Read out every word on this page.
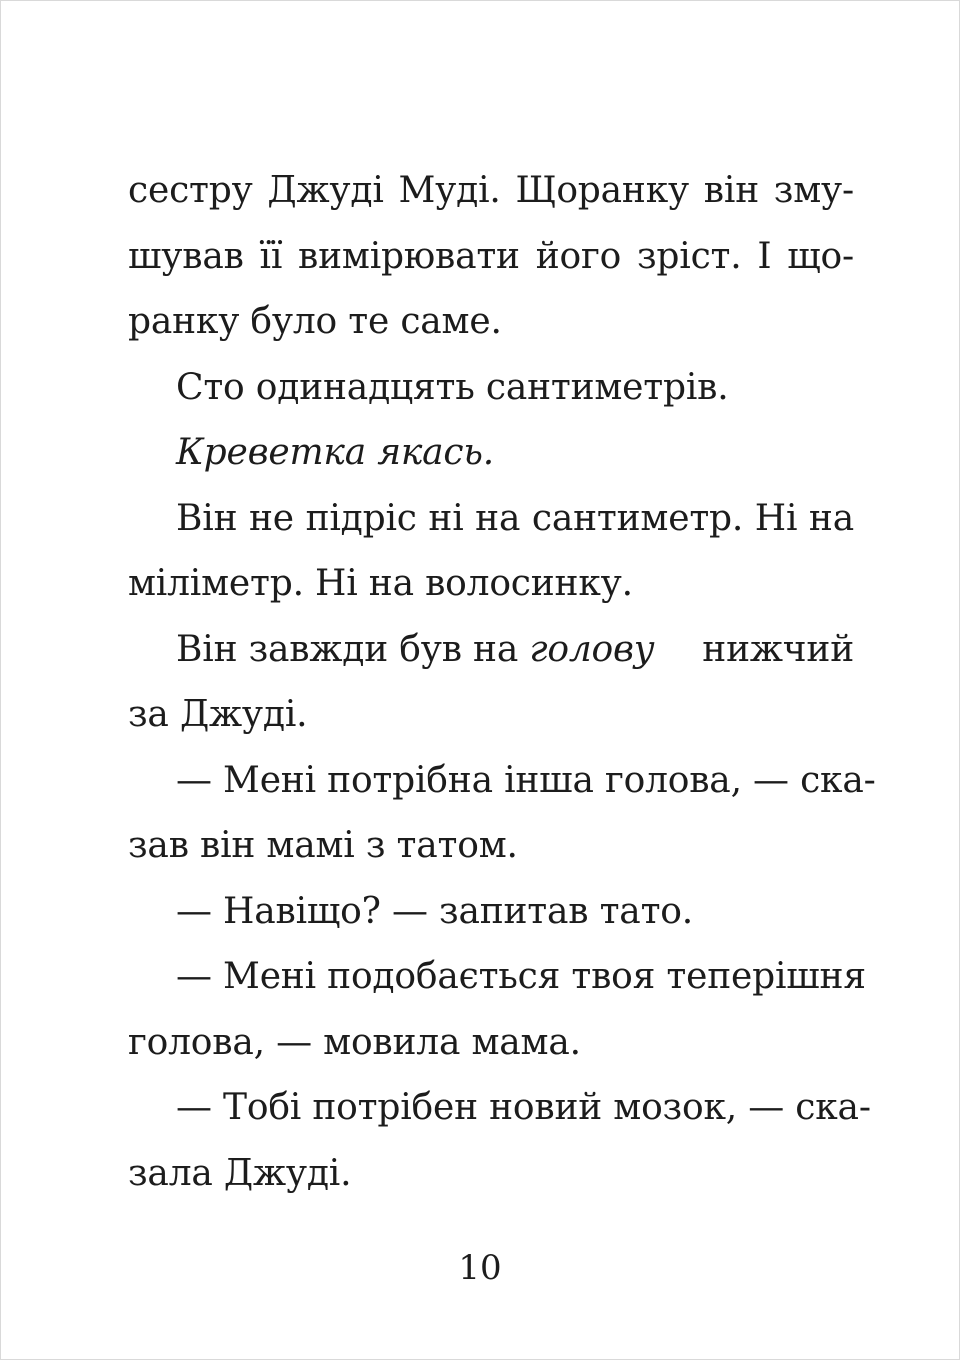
сестру Джуді Муді. Щоранку він зму-
шував її вимірювати його зріст. І що-
ранку було те саме.
Сто одинадцять сантиметрів.
Креветка якась.
Він не підріс ні на сантиметр. Ні на
міліметр. Ні на волосинку.
Він завжди був на голову нижчий
за Джуді.
— Мені потрібна інша голова, — ска-
зав він мамі з татом.
— Навіщо? — запитав тато.
— Мені подобається твоя теперішня
голова, — мовила мама.
— Тобі потрібен новий мозок, — ска-
зала Джуді.
10
